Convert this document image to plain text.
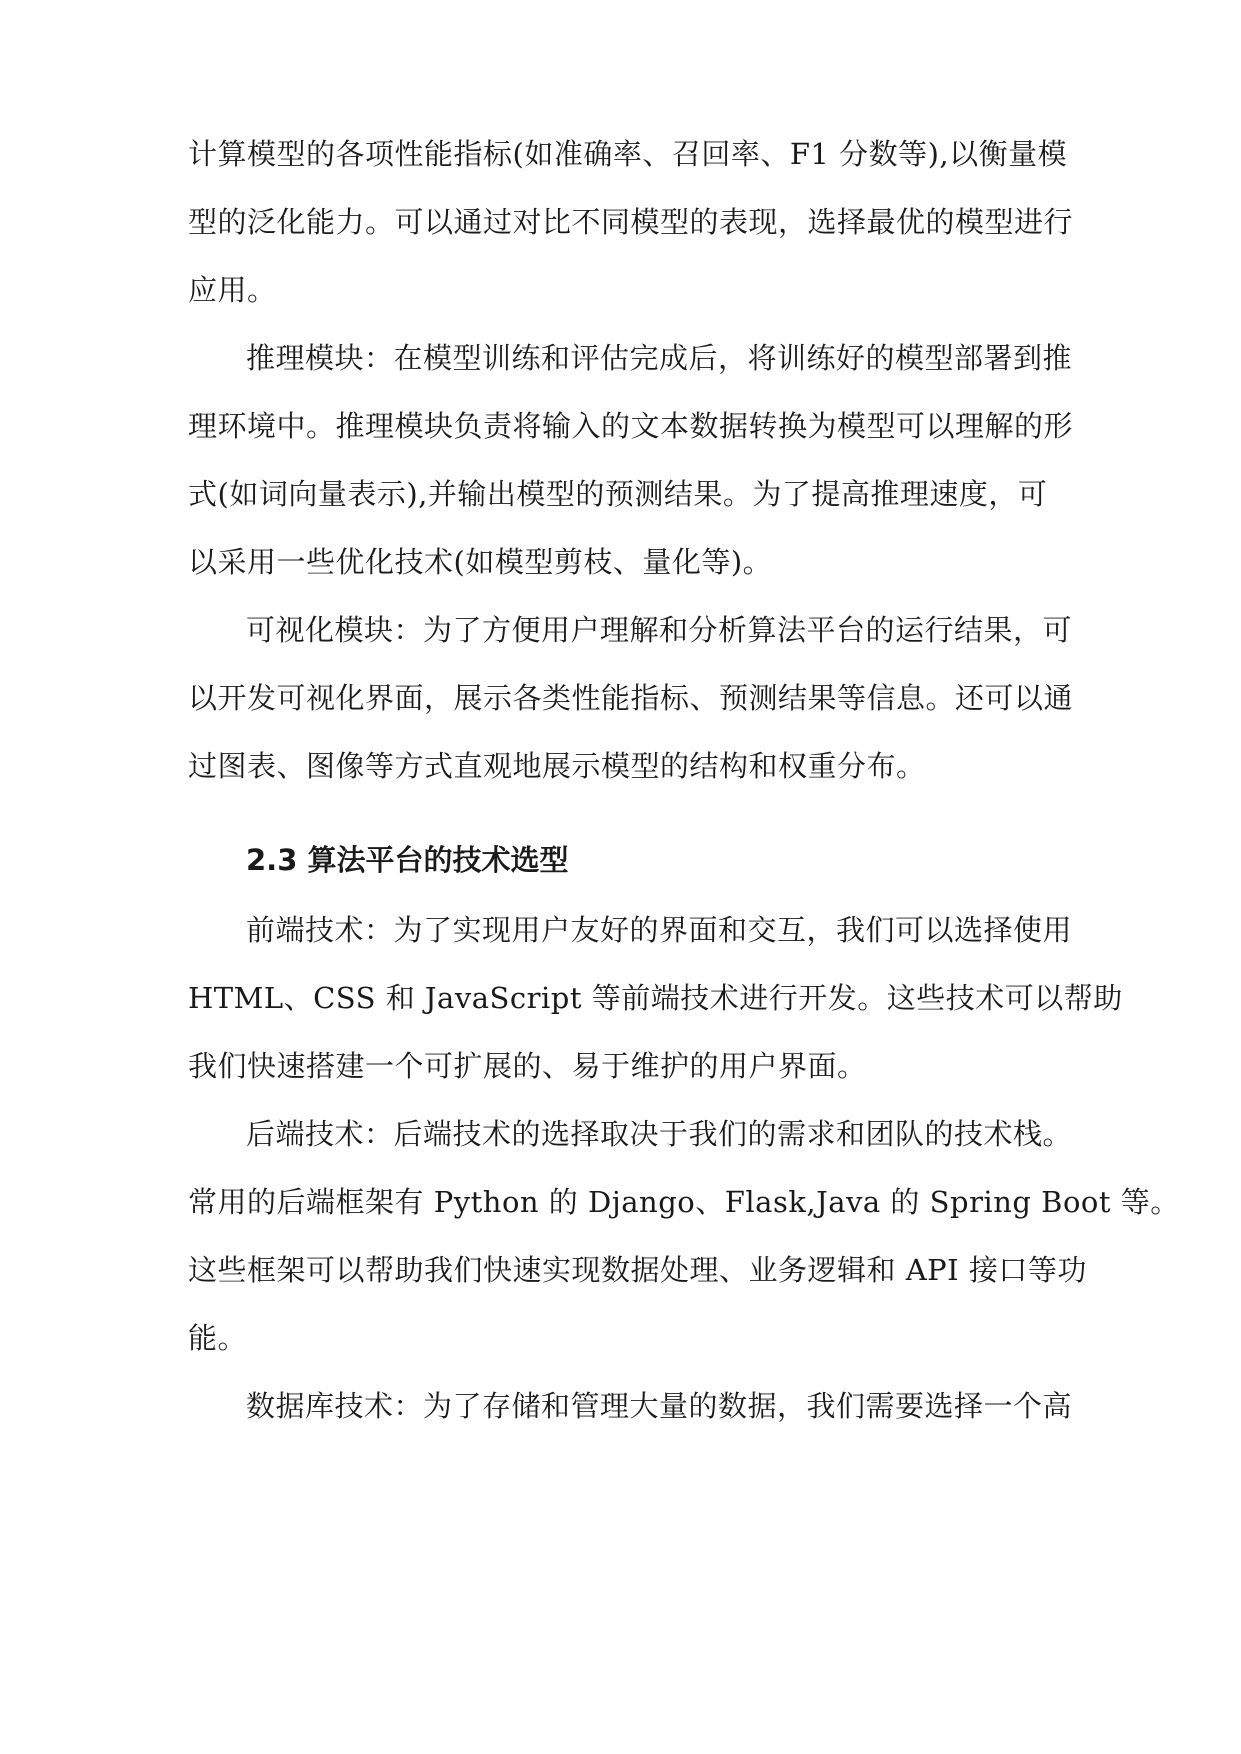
计算模型的各项性能指标(如准确率、召回率、F1 分数等),以衡量模
型的泛化能力。可以通过对比不同模型的表现，选择最优的模型进行
应用。
推理模块：在模型训练和评估完成后，将训练好的模型部署到推
理环境中。推理模块负责将输入的文本数据转换为模型可以理解的形
式(如词向量表示),并输出模型的预测结果。为了提高推理速度，可
以采用一些优化技术(如模型剪枝、量化等)。
可视化模块：为了方便用户理解和分析算法平台的运行结果，可
以开发可视化界面，展示各类性能指标、预测结果等信息。还可以通
过图表、图像等方式直观地展示模型的结构和权重分布。
2.3 算法平台的技术选型
前端技术：为了实现用户友好的界面和交互，我们可以选择使用
HTML、CSS 和 JavaScript 等前端技术进行开发。这些技术可以帮助
我们快速搭建一个可扩展的、易于维护的用户界面。
后端技术：后端技术的选择取决于我们的需求和团队的技术栈。
常用的后端框架有 Python 的 Django、Flask,Java 的 Spring Boot 等。
这些框架可以帮助我们快速实现数据处理、业务逻辑和 API 接口等功
能。
数据库技术：为了存储和管理大量的数据，我们需要选择一个高
